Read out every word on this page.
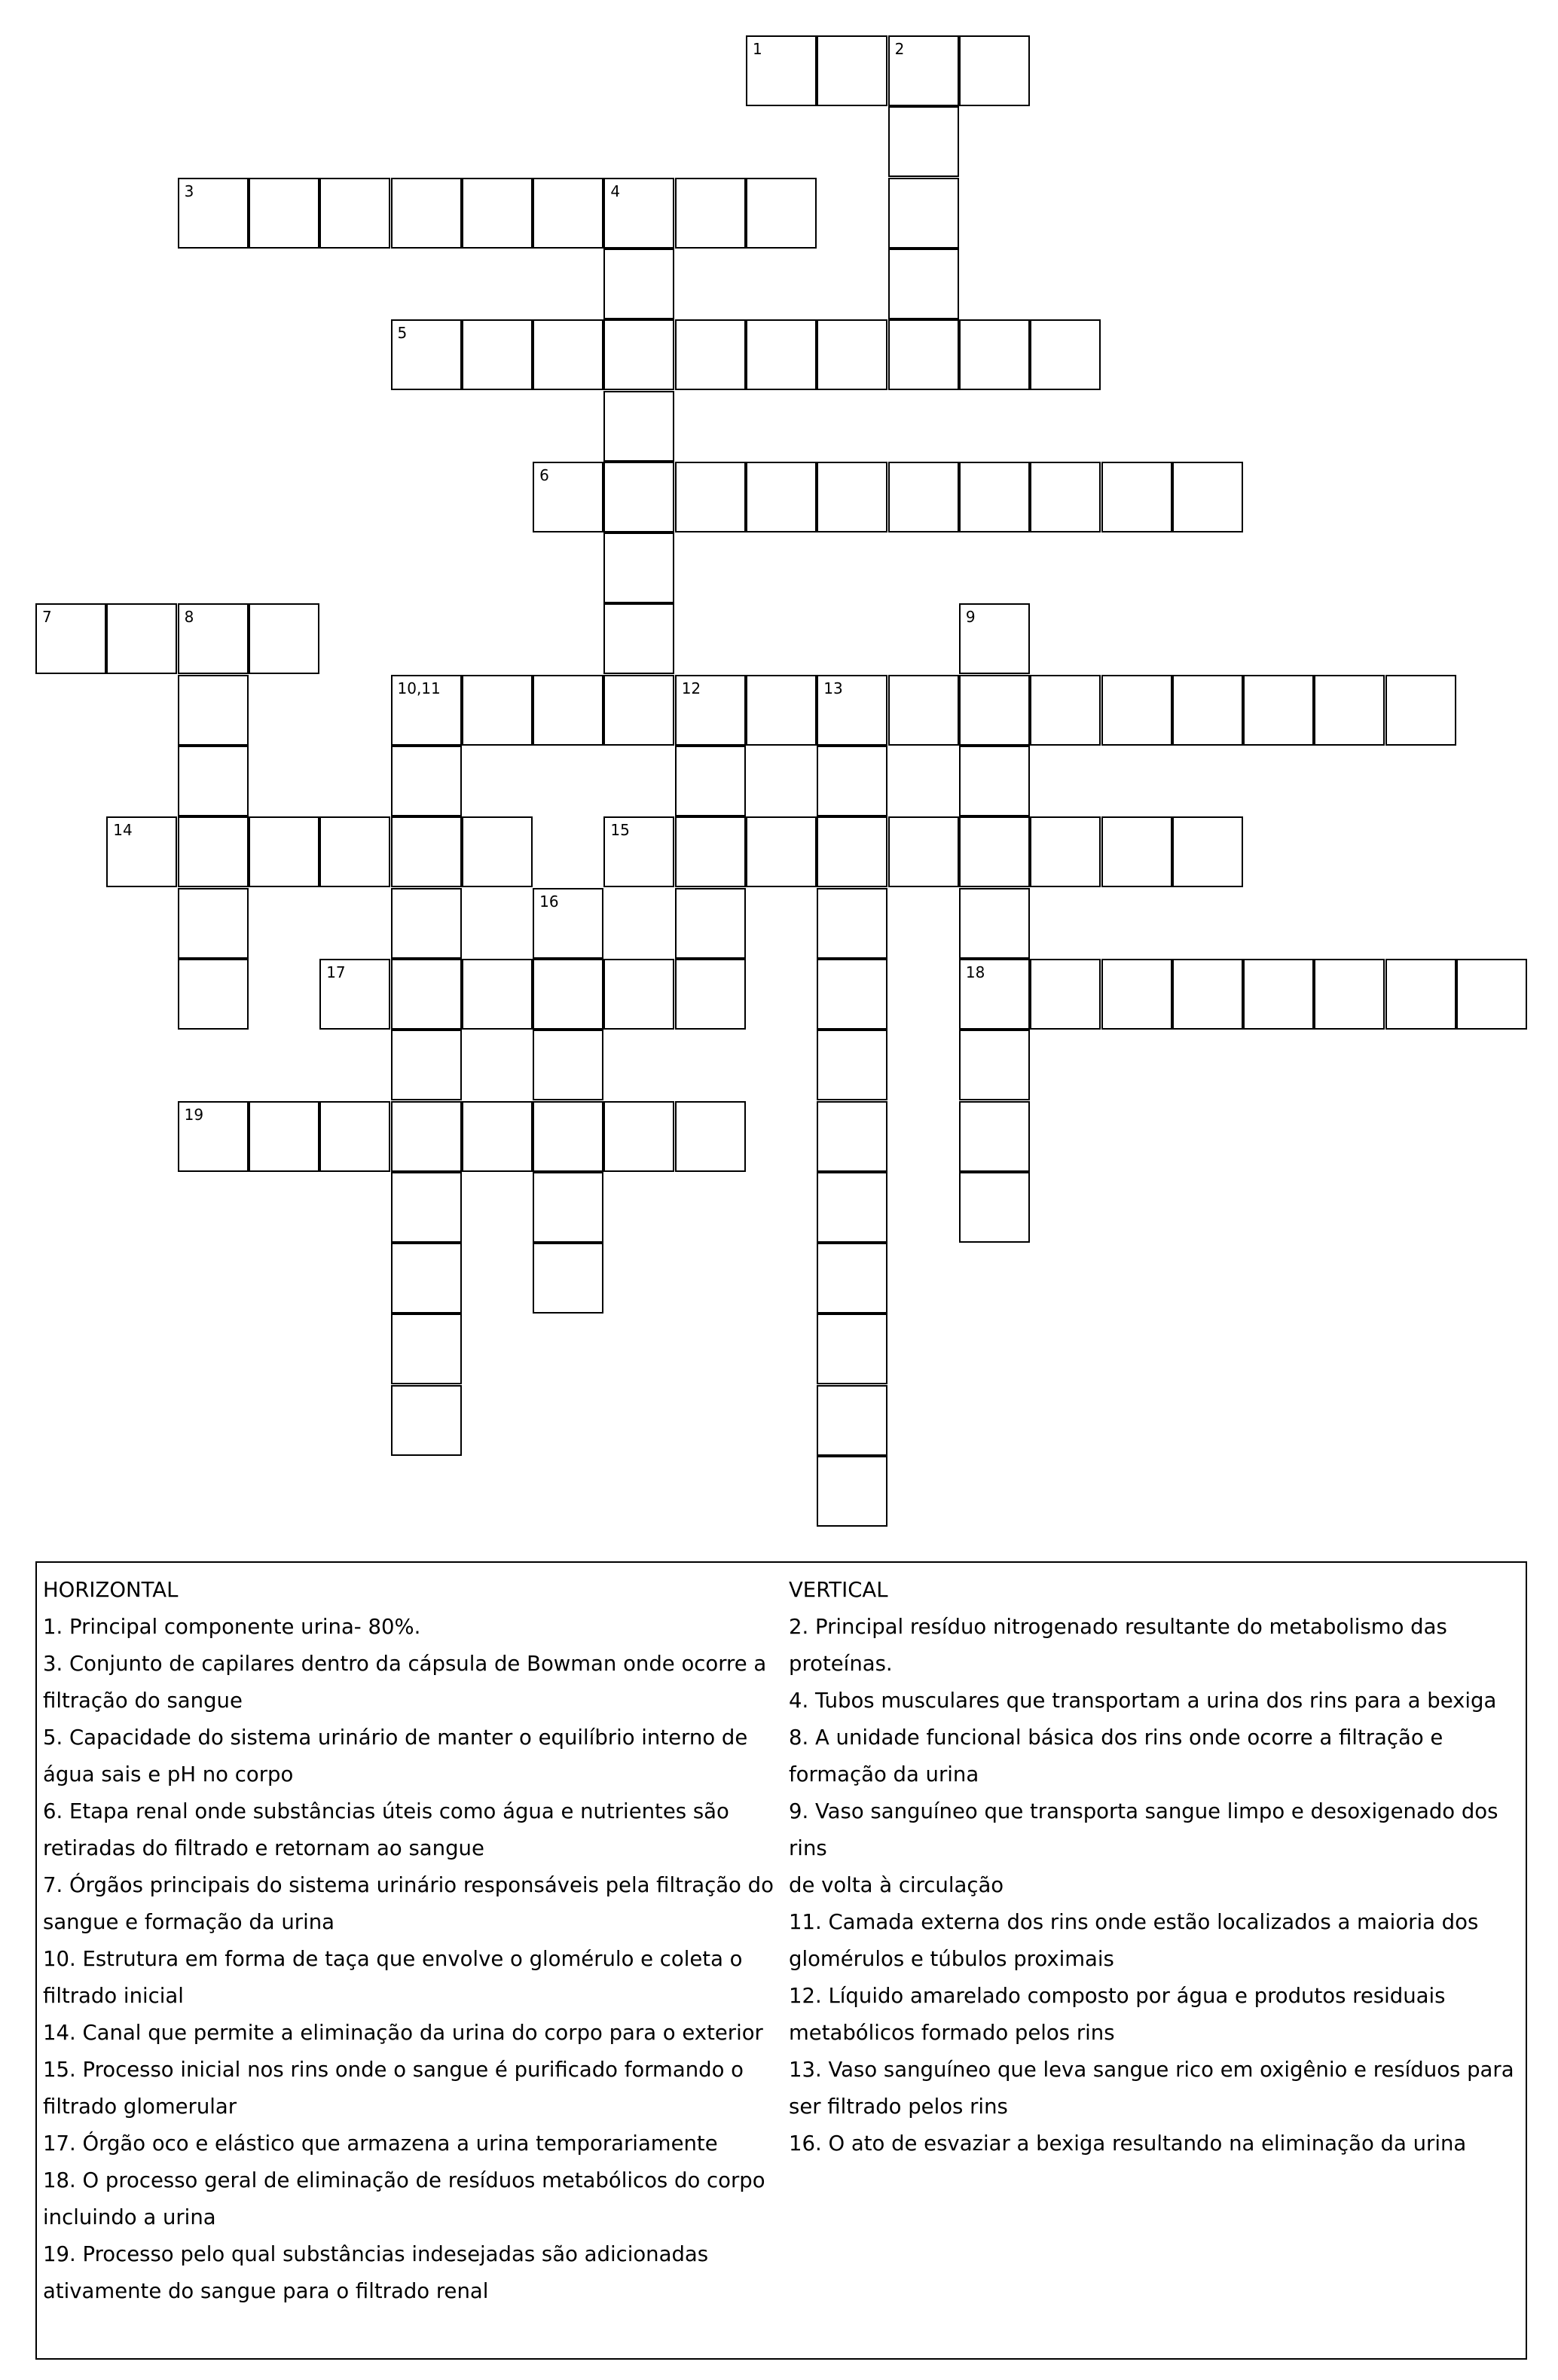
1	2
3	4
5
6
7	8
10,11	12	13
14	15
17	18
19
9
16
HORIZONTAL
1. Principal componente urina- 80%.
3. Conjunto de capilares dentro da cápsula de Bowman onde ocorre a
filtração do sangue
5. Capacidade do sistema urinário de manter o equilíbrio interno de
água sais e pH no corpo
6. Etapa renal onde substâncias úteis como água e nutrientes são
retiradas do filtrado e retornam ao sangue
7. Órgãos principais do sistema urinário responsáveis pela filtração do
sangue e formação da urina
10. Estrutura em forma de taça que envolve o glomérulo e coleta o
filtrado inicial
14. Canal que permite a eliminação da urina do corpo para o exterior
15. Processo inicial nos rins onde o sangue é purificado formando o
filtrado glomerular
17. Órgão oco e elástico que armazena a urina temporariamente
18. O processo geral de eliminação de resíduos metabólicos do corpo
incluindo a urina
19. Processo pelo qual substâncias indesejadas são adicionadas
ativamente do sangue para o filtrado renal
VERTICAL
2. Principal resíduo nitrogenado resultante do metabolismo das
proteínas.
4. Tubos musculares que transportam a urina dos rins para a bexiga
8. A unidade funcional básica dos rins onde ocorre a filtração e
formação da urina
9. Vaso sanguíneo que transporta sangue limpo e desoxigenado dos rins
de volta à circulação
11. Camada externa dos rins onde estão localizados a maioria dos
glomérulos e túbulos proximais
12. Líquido amarelado composto por água e produtos residuais
metabólicos formado pelos rins
13. Vaso sanguíneo que leva sangue rico em oxigênio e resíduos para
ser filtrado pelos rins
16. O ato de esvaziar a bexiga resultando na eliminação da urina
